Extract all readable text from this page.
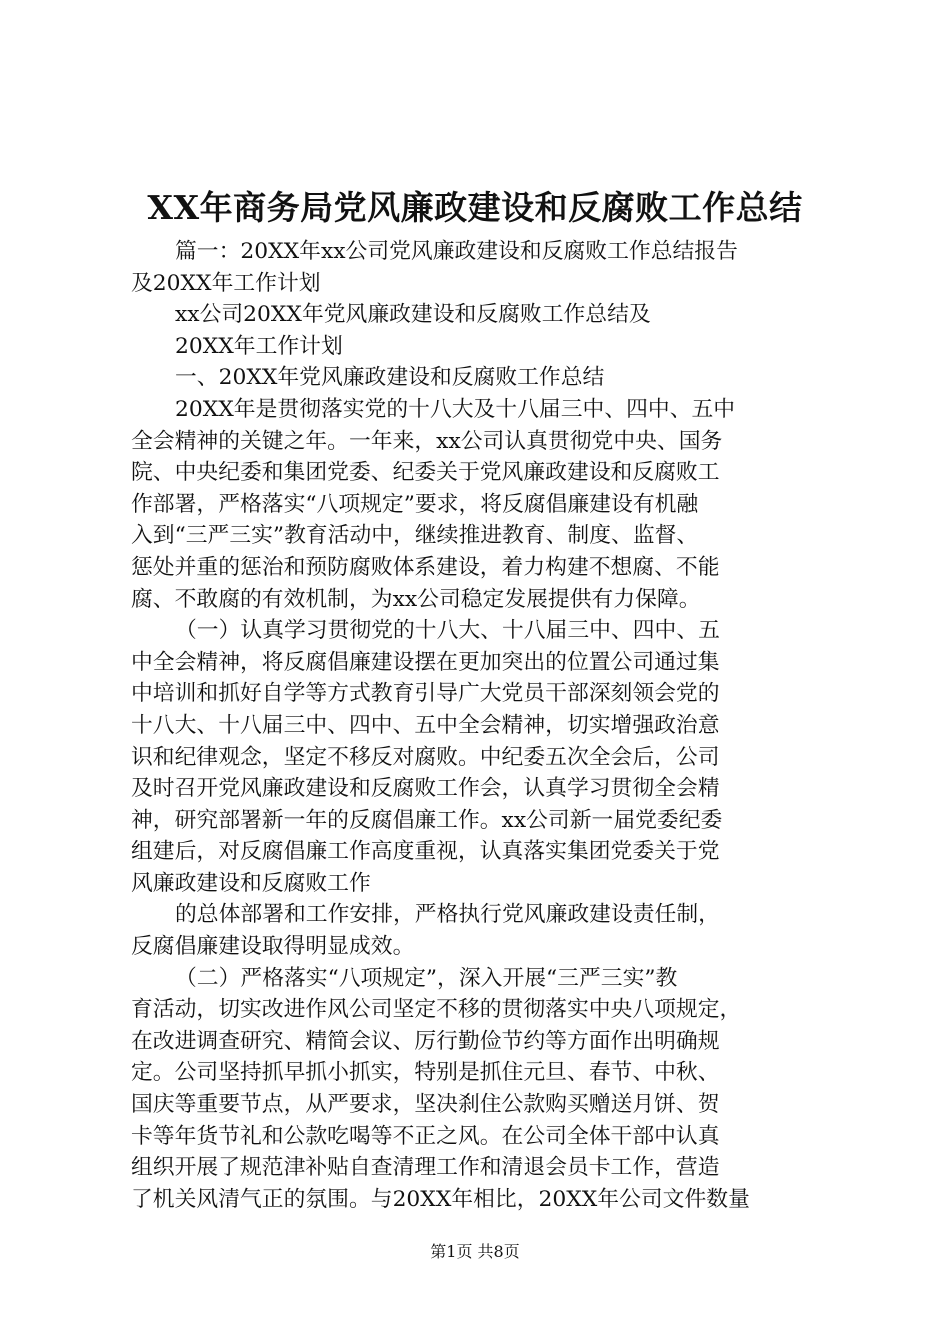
XX年商务局党风廉政建设和反腐败工作总结
篇一：20XX年xx公司党风廉政建设和反腐败工作总结报告
及20XX年工作计划
xx公司20XX年党风廉政建设和反腐败工作总结及
20XX年工作计划
一、20XX年党风廉政建设和反腐败工作总结
20XX年是贯彻落实党的十八大及十八届三中、四中、五中
全会精神的关键之年。一年来，xx公司认真贯彻党中央、国务
院、中央纪委和集团党委、纪委关于党风廉政建设和反腐败工
作部署，严格落实“八项规定”要求，将反腐倡廉建设有机融
入到“三严三实”教育活动中，继续推进教育、制度、监督、
惩处并重的惩治和预防腐败体系建设，着力构建不想腐、不能
腐、不敢腐的有效机制，为xx公司稳定发展提供有力保障。
（一）认真学习贯彻党的十八大、十八届三中、四中、五
中全会精神，将反腐倡廉建设摆在更加突出的位置公司通过集
中培训和抓好自学等方式教育引导广大党员干部深刻领会党的
十八大、十八届三中、四中、五中全会精神，切实增强政治意
识和纪律观念，坚定不移反对腐败。中纪委五次全会后，公司
及时召开党风廉政建设和反腐败工作会，认真学习贯彻全会精
神，研究部署新一年的反腐倡廉工作。xx公司新一届党委纪委
组建后，对反腐倡廉工作高度重视，认真落实集团党委关于党
风廉政建设和反腐败工作
的总体部署和工作安排，严格执行党风廉政建设责任制，
反腐倡廉建设取得明显成效。
（二）严格落实“八项规定”，深入开展“三严三实”教
育活动，切实改进作风公司坚定不移的贯彻落实中央八项规定，
在改进调查研究、精简会议、厉行勤俭节约等方面作出明确规
定。公司坚持抓早抓小抓实，特别是抓住元旦、春节、中秋、
国庆等重要节点，从严要求，坚决刹住公款购买赠送月饼、贺
卡等年货节礼和公款吃喝等不正之风。在公司全体干部中认真
组织开展了规范津补贴自查清理工作和清退会员卡工作，营造
了机关风清气正的氛围。与20XX年相比，20XX年公司文件数量
第1页 共8页
